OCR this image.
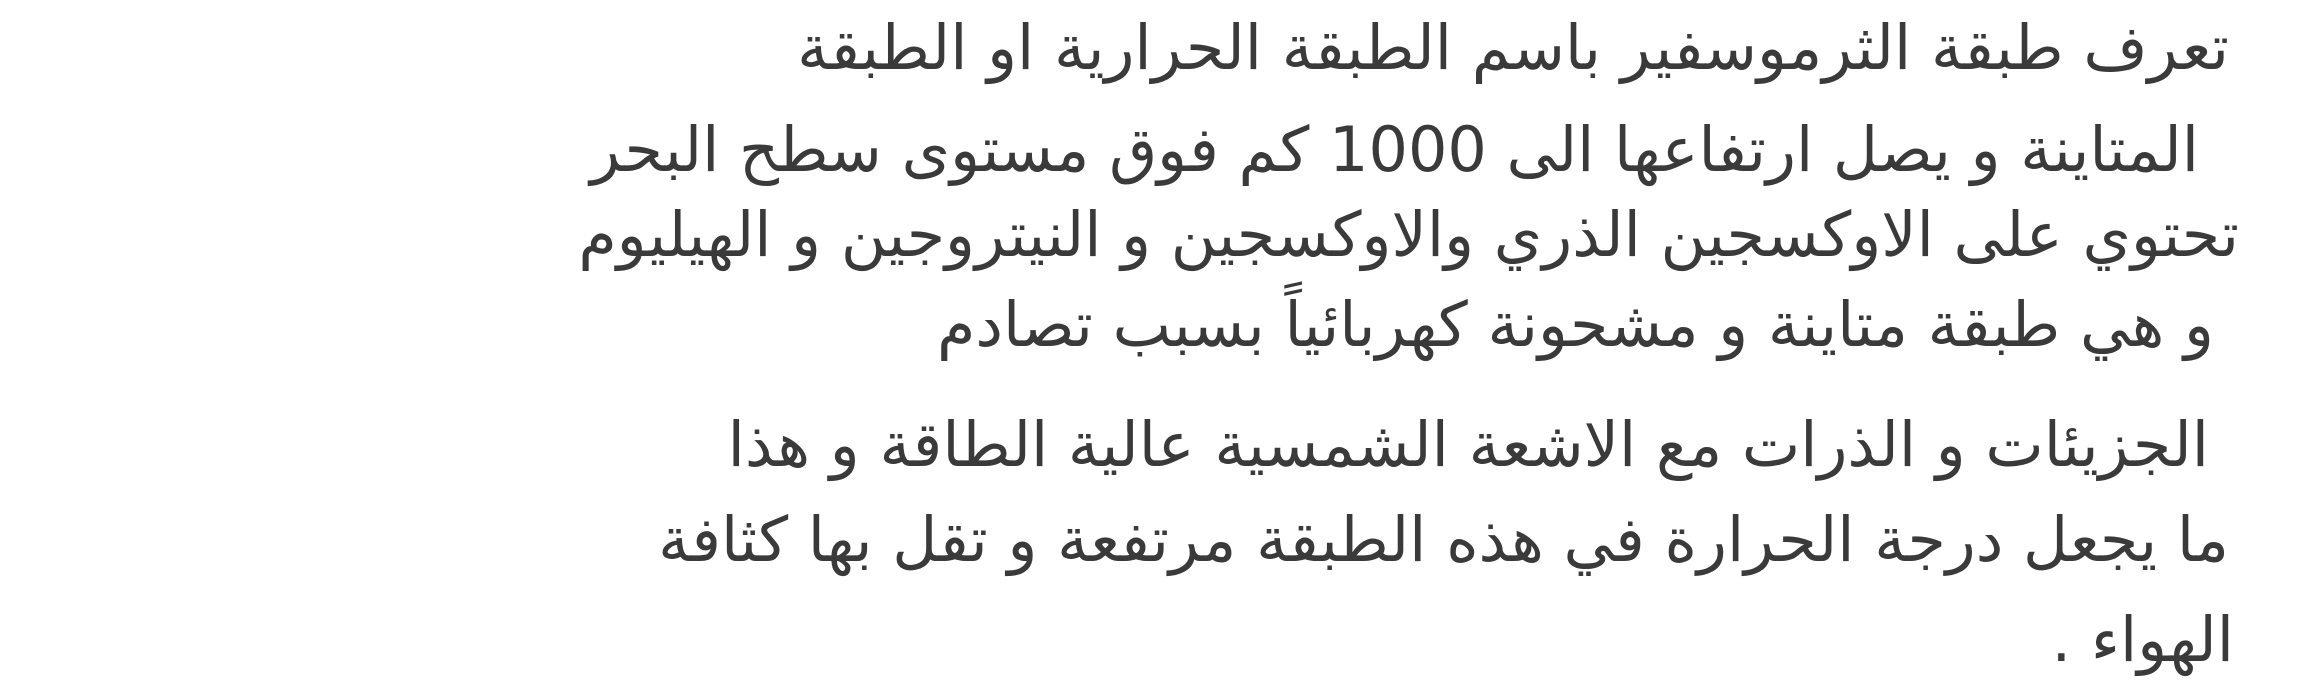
تعرف طبقة الثرموسفير باسم الطبقة الحرارية او الطبقة
المتاينة و يصل ارتفاعها الى 1000 كم فوق مستوى سطح البحر
تحتوي على الاوكسجين الذري والاوكسجين و النيتروجين و الهيليوم
و هي طبقة متاينة و مشحونة كهربائياً بسبب تصادم
الجزيئات و الذرات مع الاشعة الشمسية عالية الطاقة و هذا
ما يجعل درجة الحرارة في هذه الطبقة مرتفعة و تقل بها كثافة
الهواء .
